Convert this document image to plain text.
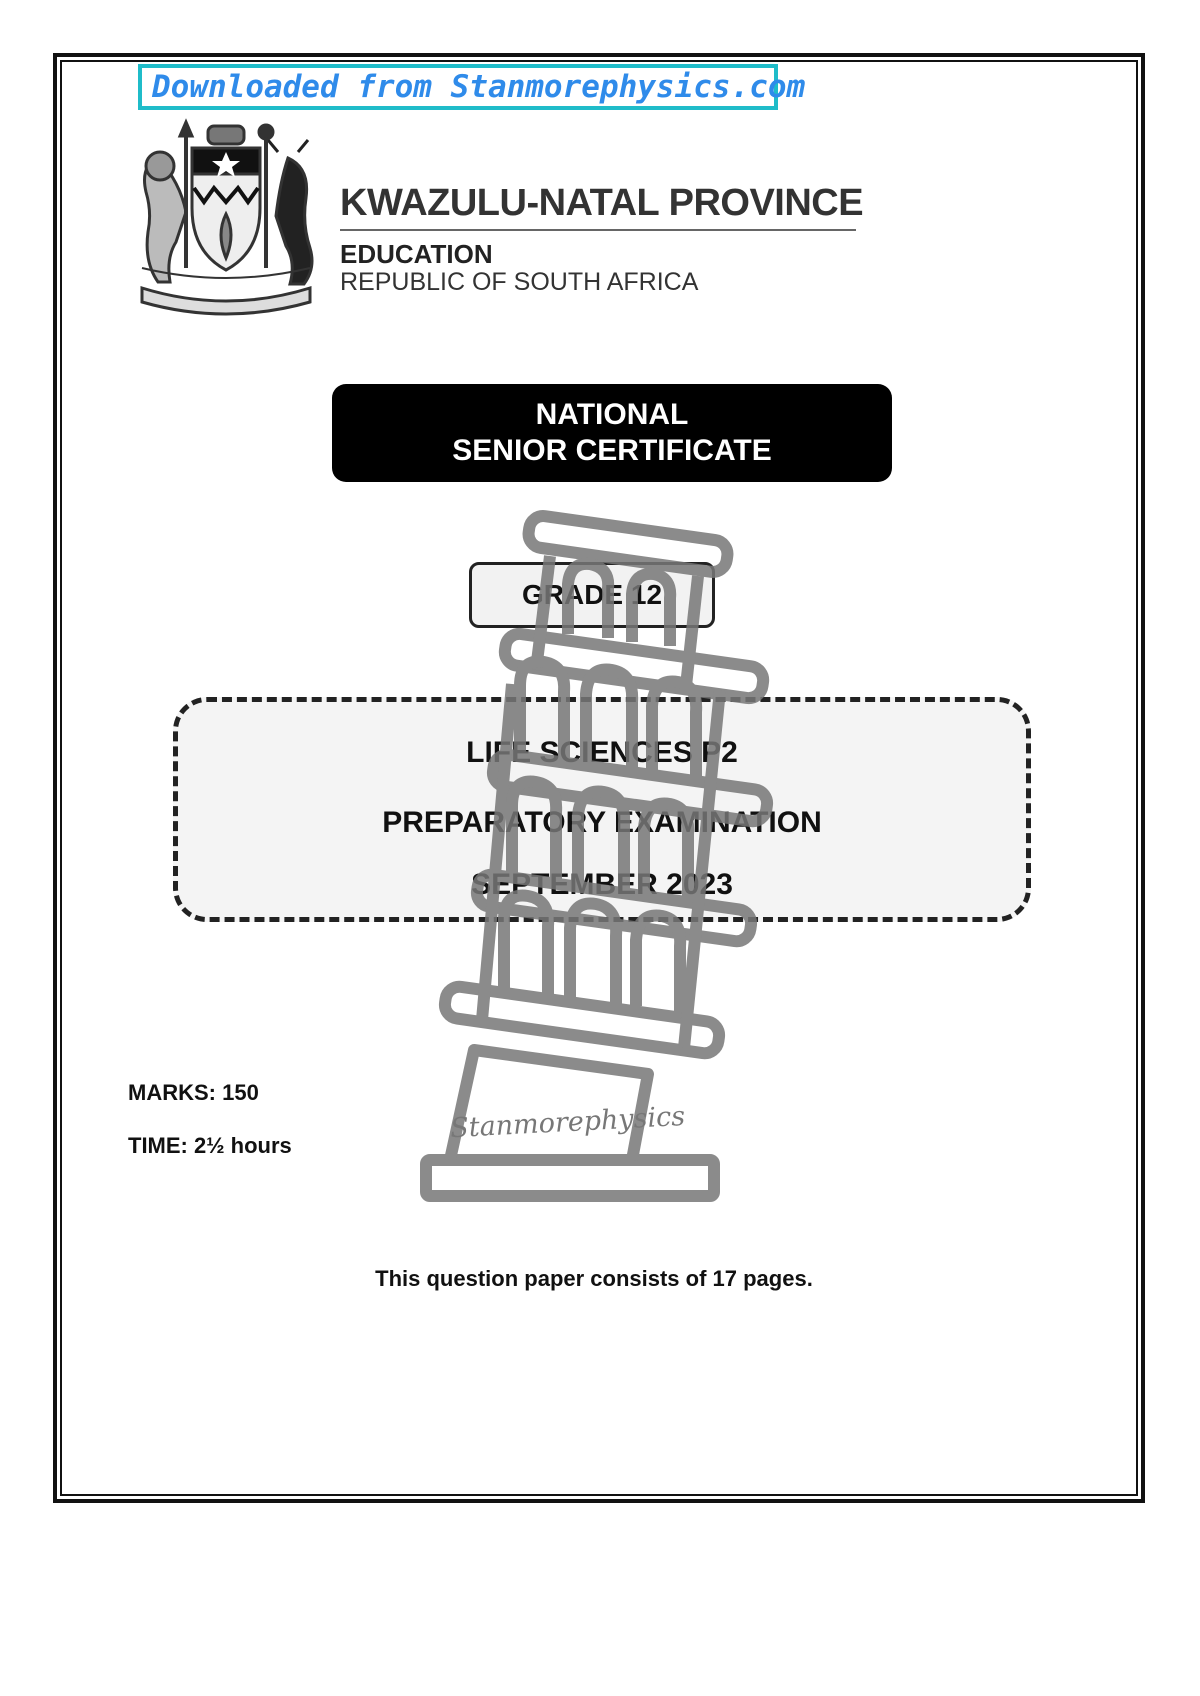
Downloaded from Stanmorephysics.com
KWAZULU-NATAL PROVINCE
EDUCATION
REPUBLIC OF SOUTH AFRICA
NATIONAL
SENIOR CERTIFICATE
GRADE 12
LIFE SCIENCES P2
PREPARATORY EXAMINATION
SEPTEMBER 2023
Stanmorephysics
MARKS: 150
TIME: 2½ hours
This question paper consists of 17 pages.
